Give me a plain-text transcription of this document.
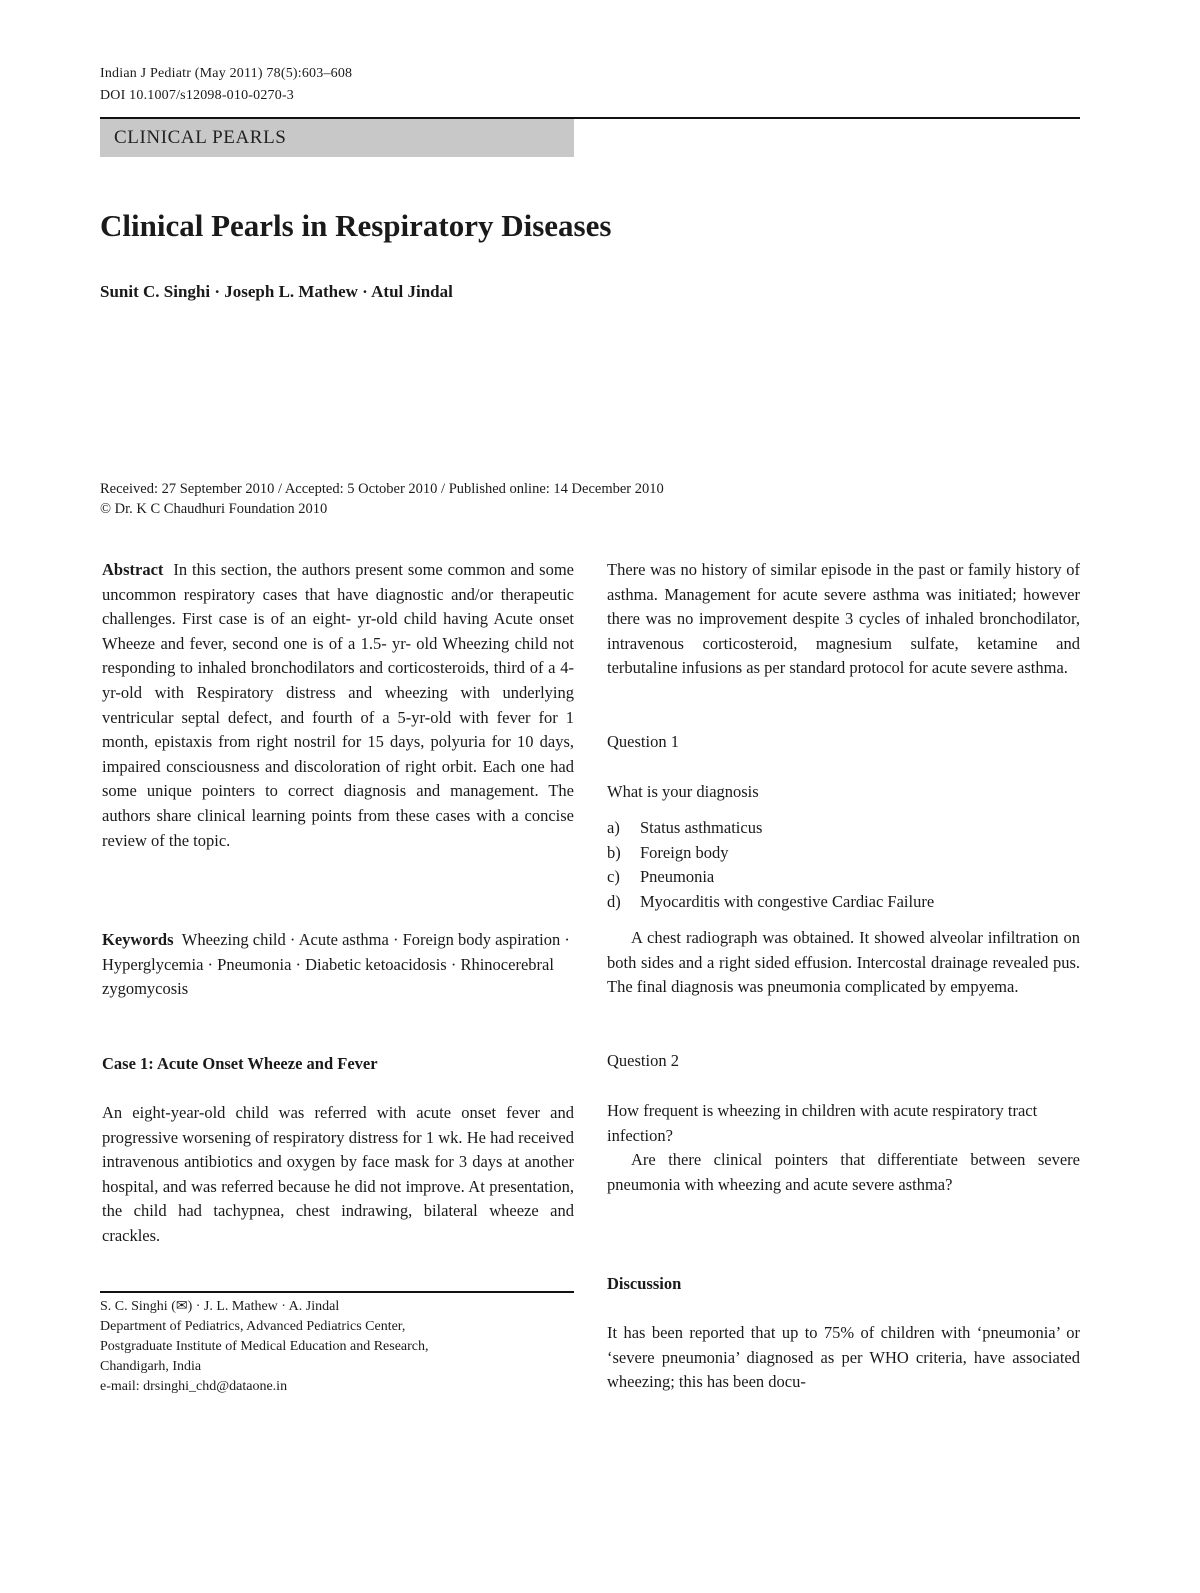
Indian J Pediatr (May 2011) 78(5):603–608
DOI 10.1007/s12098-010-0270-3
CLINICAL PEARLS
Clinical Pearls in Respiratory Diseases
Sunit C. Singhi · Joseph L. Mathew · Atul Jindal
Received: 27 September 2010 / Accepted: 5 October 2010 / Published online: 14 December 2010
© Dr. K C Chaudhuri Foundation 2010

Abstract In this section, the authors present some common and some uncommon respiratory cases that have diagnostic and/or therapeutic challenges. First case is of an eight- yr-old child having Acute onset Wheeze and fever, second one is of a 1.5- yr- old Wheezing child not responding to inhaled bronchodilators and corticosteroids, third of a 4-yr-old with Respiratory distress and wheezing with underlying ventricular septal defect, and fourth of a 5-yr-old with fever for 1 month, epistaxis from right nostril for 15 days, polyuria for 10 days, impaired consciousness and discoloration of right orbit. Each one had some unique pointers to correct diagnosis and management. The authors share clinical learning points from these cases with a concise review of the topic.

Keywords Wheezing child · Acute asthma · Foreign body aspiration · Hyperglycemia · Pneumonia · Diabetic ketoacidosis · Rhinocerebral zygomycosis

Case 1: Acute Onset Wheeze and Fever

An eight-year-old child was referred with acute onset fever and progressive worsening of respiratory distress for 1 wk. He had received intravenous antibiotics and oxygen by face mask for 3 days at another hospital, and was referred because he did not improve. At presentation, the child had tachypnea, chest indrawing, bilateral wheeze and crackles.

S. C. Singhi (✉) · J. L. Mathew · A. Jindal
Department of Pediatrics, Advanced Pediatrics Center,
Postgraduate Institute of Medical Education and Research,
Chandigarh, India
e-mail: drsinghi_chd@dataone.in

There was no history of similar episode in the past or family history of asthma. Management for acute severe asthma was initiated; however there was no improvement despite 3 cycles of inhaled bronchodilator, intravenous corticosteroid, magnesium sulfate, ketamine and terbutaline infusions as per standard protocol for acute severe asthma.

Question 1
What is your diagnosis
a)	Status asthmaticus
b)	Foreign body
c)	Pneumonia
d)	Myocarditis with congestive Cardiac Failure

A chest radiograph was obtained. It showed alveolar infiltration on both sides and a right sided effusion. Intercostal drainage revealed pus. The final diagnosis was pneumonia complicated by empyema.

Question 2

How frequent is wheezing in children with acute respiratory tract infection?

Are there clinical pointers that differentiate between severe pneumonia with wheezing and acute severe asthma?

Discussion

It has been reported that up to 75% of children with ‘pneumonia’ or ‘severe pneumonia’ diagnosed as per WHO criteria, have associated wheezing; this has been docu-
